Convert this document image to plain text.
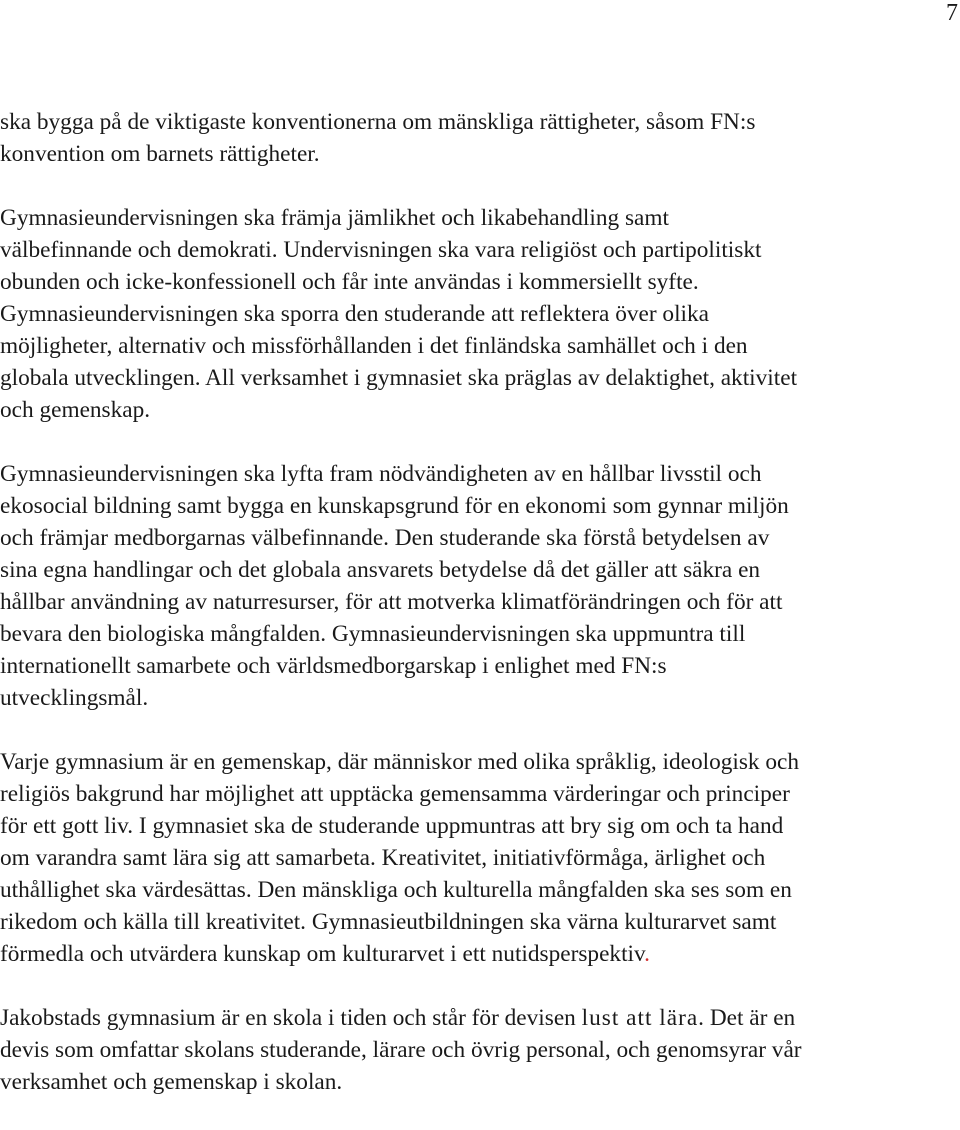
7

ska bygga på de viktigaste konventionerna om mänskliga rättigheter, såsom FN:s
konvention om barnets rättigheter.

Gymnasieundervisningen ska främja jämlikhet och likabehandling samt
välbefinnande och demokrati. Undervisningen ska vara religiöst och partipolitiskt
obunden och icke-konfessionell och får inte användas i kommersiellt syfte.
Gymnasieundervisningen ska sporra den studerande att reflektera över olika
möjligheter, alternativ och missförhållanden i det finländska samhället och i den
globala utvecklingen. All verksamhet i gymnasiet ska präglas av delaktighet, aktivitet
och gemenskap.

Gymnasieundervisningen ska lyfta fram nödvändigheten av en hållbar livsstil och
ekosocial bildning samt bygga en kunskapsgrund för en ekonomi som gynnar miljön
och främjar medborgarnas välbefinnande. Den studerande ska förstå betydelsen av
sina egna handlingar och det globala ansvarets betydelse då det gäller att säkra en
hållbar användning av naturresurser, för att motverka klimatförändringen och för att
bevara den biologiska mångfalden. Gymnasieundervisningen ska uppmuntra till
internationellt samarbete och världsmedborgarskap i enlighet med FN:s
utvecklingsmål.

Varje gymnasium är en gemenskap, där människor med olika språklig, ideologisk och
religiös bakgrund har möjlighet att upptäcka gemensamma värderingar och principer
för ett gott liv. I gymnasiet ska de studerande uppmuntras att bry sig om och ta hand
om varandra samt lära sig att samarbeta. Kreativitet, initiativförmåga, ärlighet och
uthållighet ska värdesättas. Den mänskliga och kulturella mångfalden ska ses som en
rikedom och källa till kreativitet. Gymnasieutbildningen ska värna kulturarvet samt
förmedla och utvärdera kunskap om kulturarvet i ett nutidsperspektiv.

Jakobstads gymnasium är en skola i tiden och står för devisen lust att lära. Det är en
devis som omfattar skolans studerande, lärare och övrig personal, och genomsyrar vår
verksamhet och gemenskap i skolan.
